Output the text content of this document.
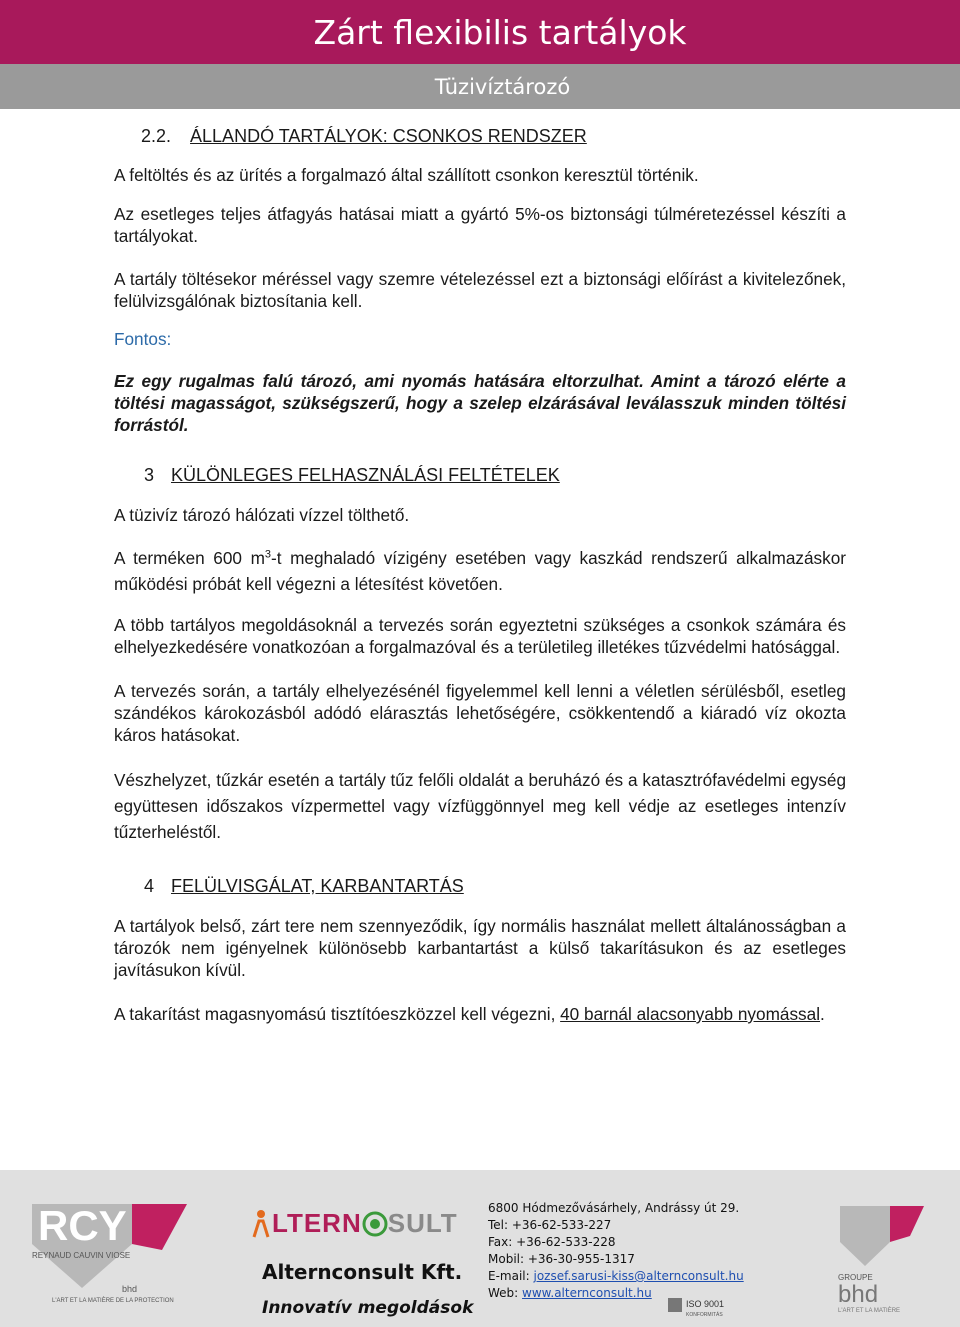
Zárt flexibilis tartályok
Tüzivíztározó
2.2. ÁLLANDÓ TARTÁLYOK: CSONKOS RENDSZER

A feltöltés és az ürítés a forgalmazó által szállított csonkon keresztül történik.

Az esetleges teljes átfagyás hatásai miatt a gyártó 5%-os biztonsági túlméretezéssel készíti a tartályokat.

A tartály töltésekor méréssel vagy szemre vételezéssel ezt a biztonsági előírást a kivitelezőnek, felülvizsgálónak biztosítania kell.

Fontos:

Ez egy rugalmas falú tározó, ami nyomás hatására eltorzulhat. Amint a tározó elérte a töltési magasságot, szükségszerű, hogy a szelep elzárásával leválasszuk minden töltési forrástól.

3 KÜLÖNLEGES FELHASZNÁLÁSI FELTÉTELEK

A tüzivíz tározó hálózati vízzel tölthető.

A terméken 600 $m^3-t$ meghaladó vízigény esetében vagy kaszkád rendszerű alkalmazáskor működési próbát kell végezni a létesítést követően.

A több tartályos megoldásoknál a tervezés során egyeztetni szükséges a csonkok számára és elhelyezkedésére vonatkozóan a forgalmazóval és a területileg illetékes tűzvédelmi hatósággal.

A tervezés során, a tartály elhelyezésénél figyelemmel kell lenni a véletlen sérülésből, esetleg szándékos károkozásból adódó elárasztás lehetőségére, csökkentendő a kiáradó víz okozta káros hatásokat.

Vészhelyzet, tűzkár esetén a tartály tűz felőli oldalát a beruházó és a katasztrófavédelmi egység együttesen időszakos vízpermettel vagy vízfüggönnyel meg kell védje az esetleges intenzív tűzterheléstől.

4 FELÜLVISGÁLAT, KARBANTARTÁS

A tartályok belső, zárt tere nem szennyeződik, így normális használat mellett általánosságban a tározók nem igényelnek különösebb karbantartást a külső takarításukon és az esetleges javításukon kívül.

A takarítást magasnyomású tisztítóeszközzel kell végezni, 40 barnál alacsonyabb nyomással.

RCY
REYNAUD CAUVIN VIOSE
L'ART ET LA MATIÈRE DE LA PROTECTION
bhd
LTERN SULT
Alternconsult Kft.
Innovatív megoldások
6800 Hódmezővásárhely, Andrássy út 29.
Tel: +36-62-533-227
Fax: +36-62-533-228
Mobil: +36-30-955-1317
E-mail: jozsef.sarusi-kiss@alternconsult.hu
Web: www.alternconsult.hu
ISO 9001
KONFORMITÁS
GROUPE
bhd
L'ART ET LA MATIÈRE
